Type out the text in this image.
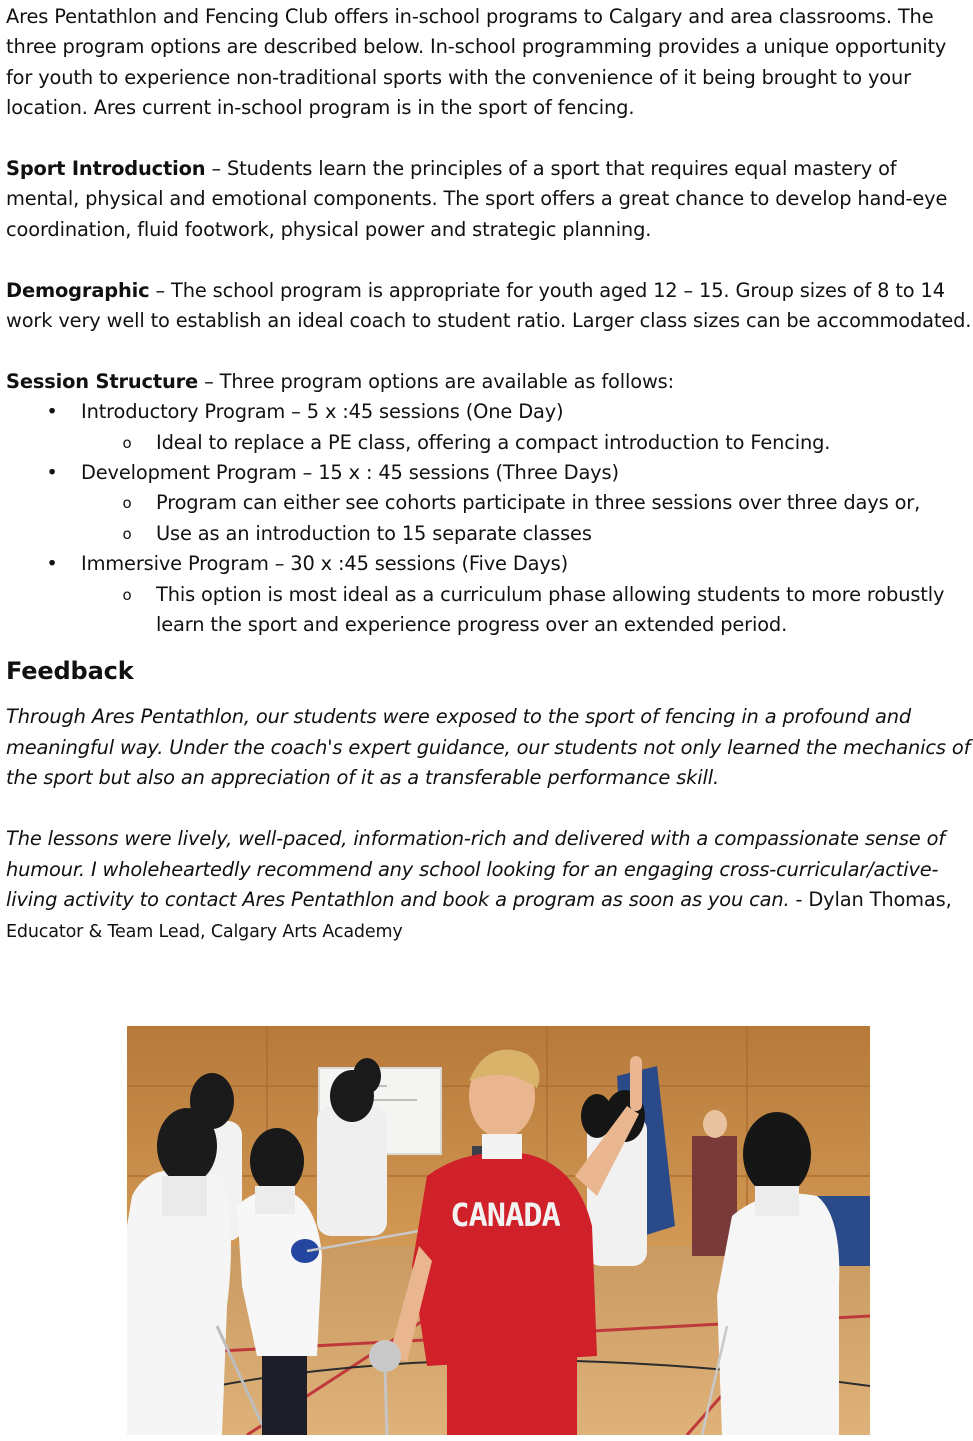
Ares Pentathlon and Fencing Club offers in-school programs to Calgary and area classrooms. The three program options are described below. In-school programming provides a unique opportunity for youth to experience non-traditional sports with the convenience of it being brought to your location. Ares current in-school program is in the sport of fencing.

Sport Introduction – Students learn the principles of a sport that requires equal mastery of mental, physical and emotional components. The sport offers a great chance to develop hand-eye coordination, fluid footwork, physical power and strategic planning.

Demographic – The school program is appropriate for youth aged 12 – 15. Group sizes of 8 to 14 work very well to establish an ideal coach to student ratio. Larger class sizes can be accommodated.

Session Structure – Three program options are available as follows:

• Introductory Program – 5 x :45 sessions (One Day)
o Ideal to replace a PE class, offering a compact introduction to Fencing.
• Development Program – 15 x : 45 sessions (Three Days)
o Program can either see cohorts participate in three sessions over three days or,
o Use as an introduction to 15 separate classes
• Immersive Program – 30 x :45 sessions (Five Days)
o This option is most ideal as a curriculum phase allowing students to more robustly learn the sport and experience progress over an extended period.
Feedback

Through Ares Pentathlon, our students were exposed to the sport of fencing in a profound and meaningful way. Under the coach's expert guidance, our students not only learned the mechanics of the sport but also an appreciation of it as a transferable performance skill.

The lessons were lively, well-paced, information-rich and delivered with a compassionate sense of humour. I wholeheartedly recommend any school looking for an engaging cross-curricular/active-living activity to contact Ares Pentathlon and book a program as soon as you can. - Dylan Thomas, Educator & Team Lead, Calgary Arts Academy

CANADA
